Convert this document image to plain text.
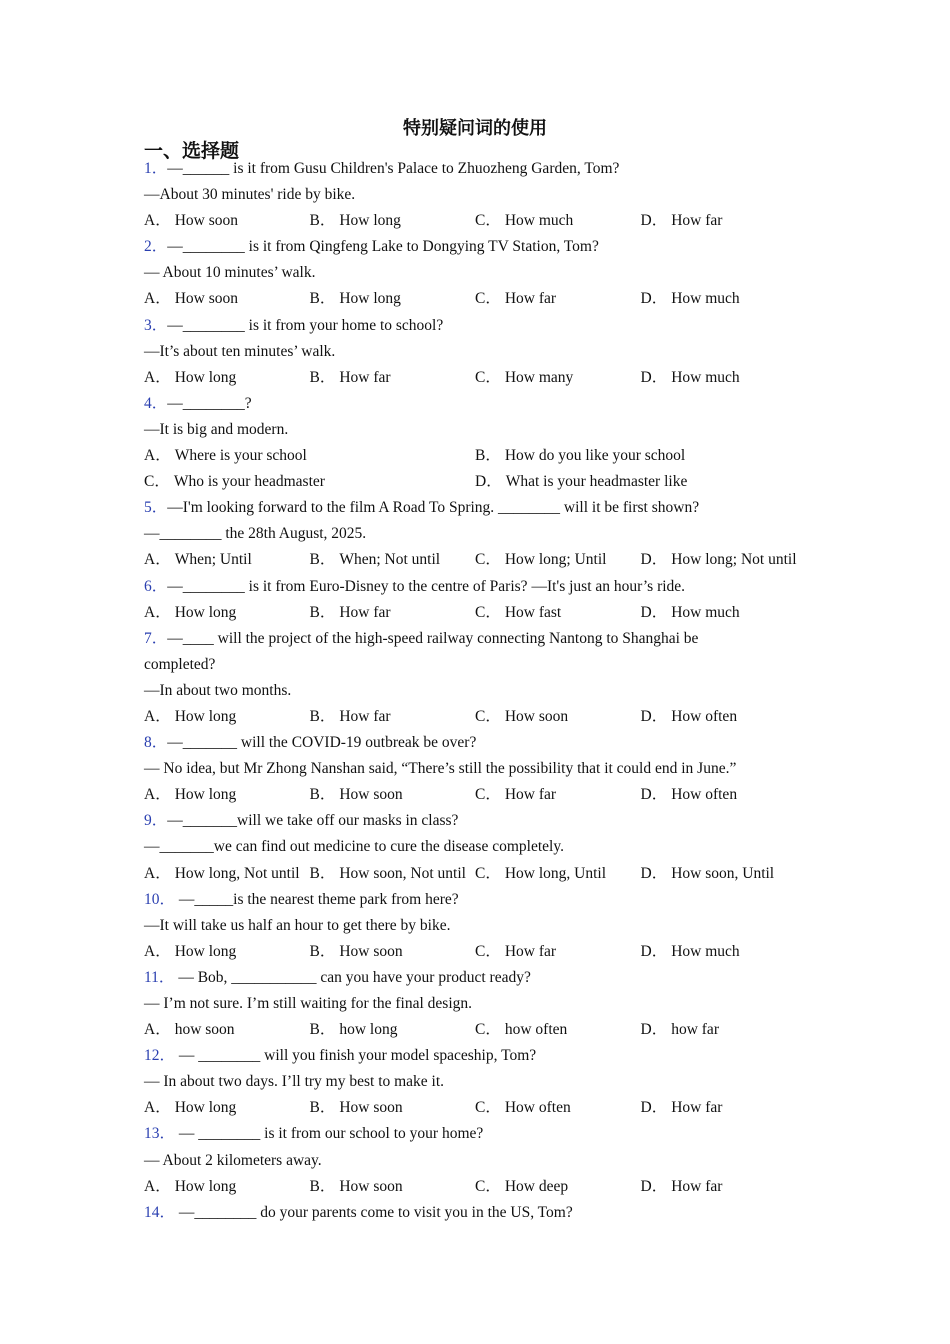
特别疑问词的使用
一、选择题
1．—______ is it from Gusu Children's Palace to Zhuozheng Garden, Tom?
—About 30 minutes' ride by bike.
A． How soon	B． How long	C． How much	D． How far
2．—________ is it from Qingfeng Lake to Dongying TV Station, Tom?
— About 10 minutes’ walk.
A． How soon	B． How long	C． How far	D． How much
3．—________ is it from your home to school?
—It’s about ten minutes’ walk.
A． How long	B． How far	C． How many	D． How much
4．—________?
—It is big and modern.
A． Where is your school	B． How do you like your school
C． Who is your headmaster	D． What is your headmaster like
5．—I'm looking forward to the film A Road To Spring. ________ will it be first shown?
—________ the 28th August, 2025.
A． When; Until	B． When; Not until	C． How long; Until	D． How long; Not until
6．—________ is it from Euro-Disney to the centre of Paris? —It's just an hour’s ride.
A． How long	B． How far	C． How fast	D． How much
7．—____ will the project of the high-speed railway connecting Nantong to Shanghai be
completed?
—In about two months.
A． How long	B． How far	C． How soon	D． How often
8．—_______ will the COVID-19 outbreak be over?
— No idea, but Mr Zhong Nanshan said, “There’s still the possibility that it could end in June.”
A． How long	B． How soon	C． How far	D． How often
9．—_______will we take off our masks in class?
—_______we can find out medicine to cure the disease completely.
A． How long, Not until B． How soon, Not until C． How long, Until	D． How soon, Until
10． —_____is the nearest theme park from here?
—It will take us half an hour to get there by bike.
A． How long	B． How soon	C． How far	D． How much
11． — Bob, ___________ can you have your product ready?
— I’m not sure. I’m still waiting for the final design.
A． how soon	B． how long	C． how often	D． how far
12． — ________ will you finish your model spaceship, Tom?
— In about two days. I’ll try my best to make it.
A． How long	B． How soon	C． How often	D． How far
13． — ________ is it from our school to your home?
— About 2 kilometers away.
A． How long	B． How soon	C． How deep	D． How far
14． —________ do your parents come to visit you in the US, Tom?
